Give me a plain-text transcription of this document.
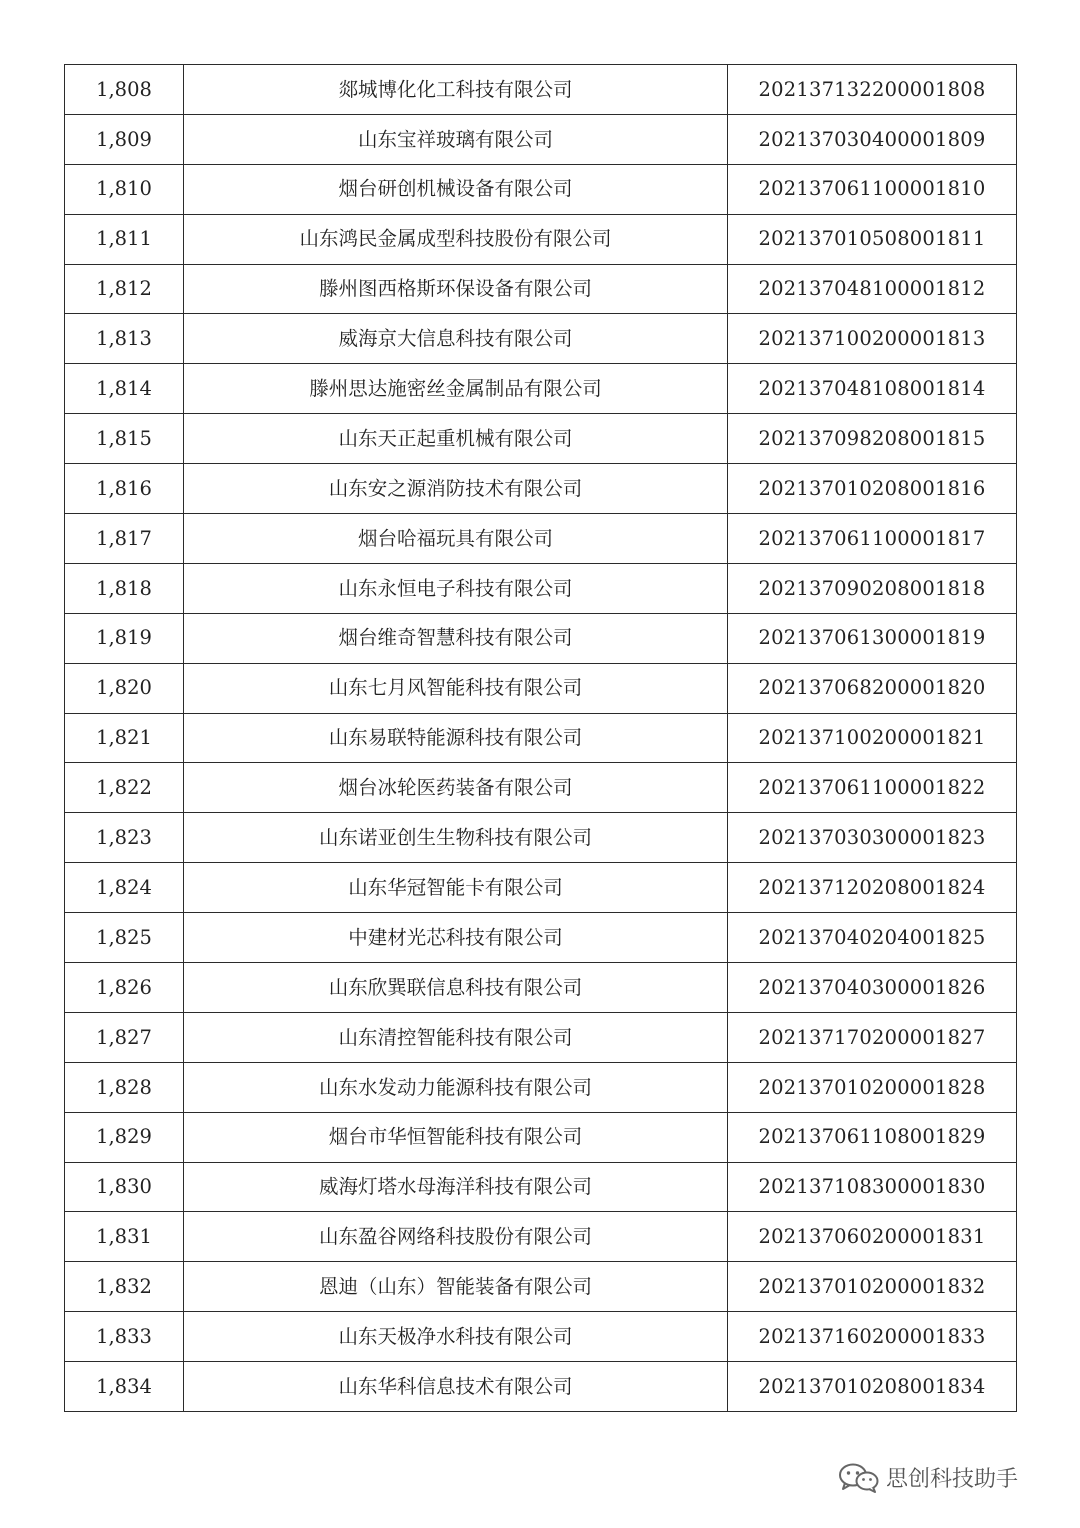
1,808	郯城博化化工科技有限公司	202137132200001808
1,809	山东宝祥玻璃有限公司	202137030400001809
1,810	烟台研创机械设备有限公司	202137061100001810
1,811	山东鸿民金属成型科技股份有限公司	202137010508001811
1,812	滕州图西格斯环保设备有限公司	202137048100001812
1,813	威海京大信息科技有限公司	202137100200001813
1,814	滕州思达施密丝金属制品有限公司	202137048108001814
1,815	山东天正起重机械有限公司	202137098208001815
1,816	山东安之源消防技术有限公司	202137010208001816
1,817	烟台哈福玩具有限公司	202137061100001817
1,818	山东永恒电子科技有限公司	202137090208001818
1,819	烟台维奇智慧科技有限公司	202137061300001819
1,820	山东七月风智能科技有限公司	202137068200001820
1,821	山东易联特能源科技有限公司	202137100200001821
1,822	烟台冰轮医药装备有限公司	202137061100001822
1,823	山东诺亚创生生物科技有限公司	202137030300001823
1,824	山东华冠智能卡有限公司	202137120208001824
1,825	中建材光芯科技有限公司	202137040204001825
1,826	山东欣巽联信息科技有限公司	202137040300001826
1,827	山东清控智能科技有限公司	202137170200001827
1,828	山东水发动力能源科技有限公司	202137010200001828
1,829	烟台市华恒智能科技有限公司	202137061108001829
1,830	威海灯塔水母海洋科技有限公司	202137108300001830
1,831	山东盈谷网络科技股份有限公司	202137060200001831
1,832	恩迪（山东）智能装备有限公司	202137010200001832
1,833	山东天极净水科技有限公司	202137160200001833
1,834	山东华科信息技术有限公司	202137010208001834
思创科技助手
